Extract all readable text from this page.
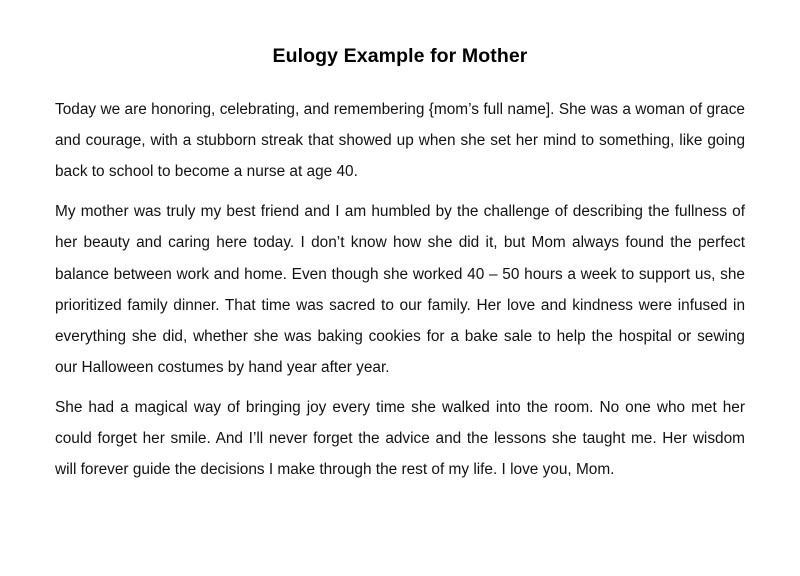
Eulogy Example for Mother

Today we are honoring, celebrating, and remembering {mom’s full name]. She was a woman of grace and courage, with a stubborn streak that showed up when she set her mind to something, like going back to school to become a nurse at age 40.

My mother was truly my best friend and I am humbled by the challenge of describing the fullness of her beauty and caring here today. I don’t know how she did it, but Mom always found the perfect balance between work and home. Even though she worked 40 – 50 hours a week to support us, she prioritized family dinner. That time was sacred to our family. Her love and kindness were infused in everything she did, whether she was baking cookies for a bake sale to help the hospital or sewing our Halloween costumes by hand year after year.

She had a magical way of bringing joy every time she walked into the room. No one who met her could forget her smile. And I’ll never forget the advice and the lessons she taught me. Her wisdom will forever guide the decisions I make through the rest of my life. I love you, Mom.
